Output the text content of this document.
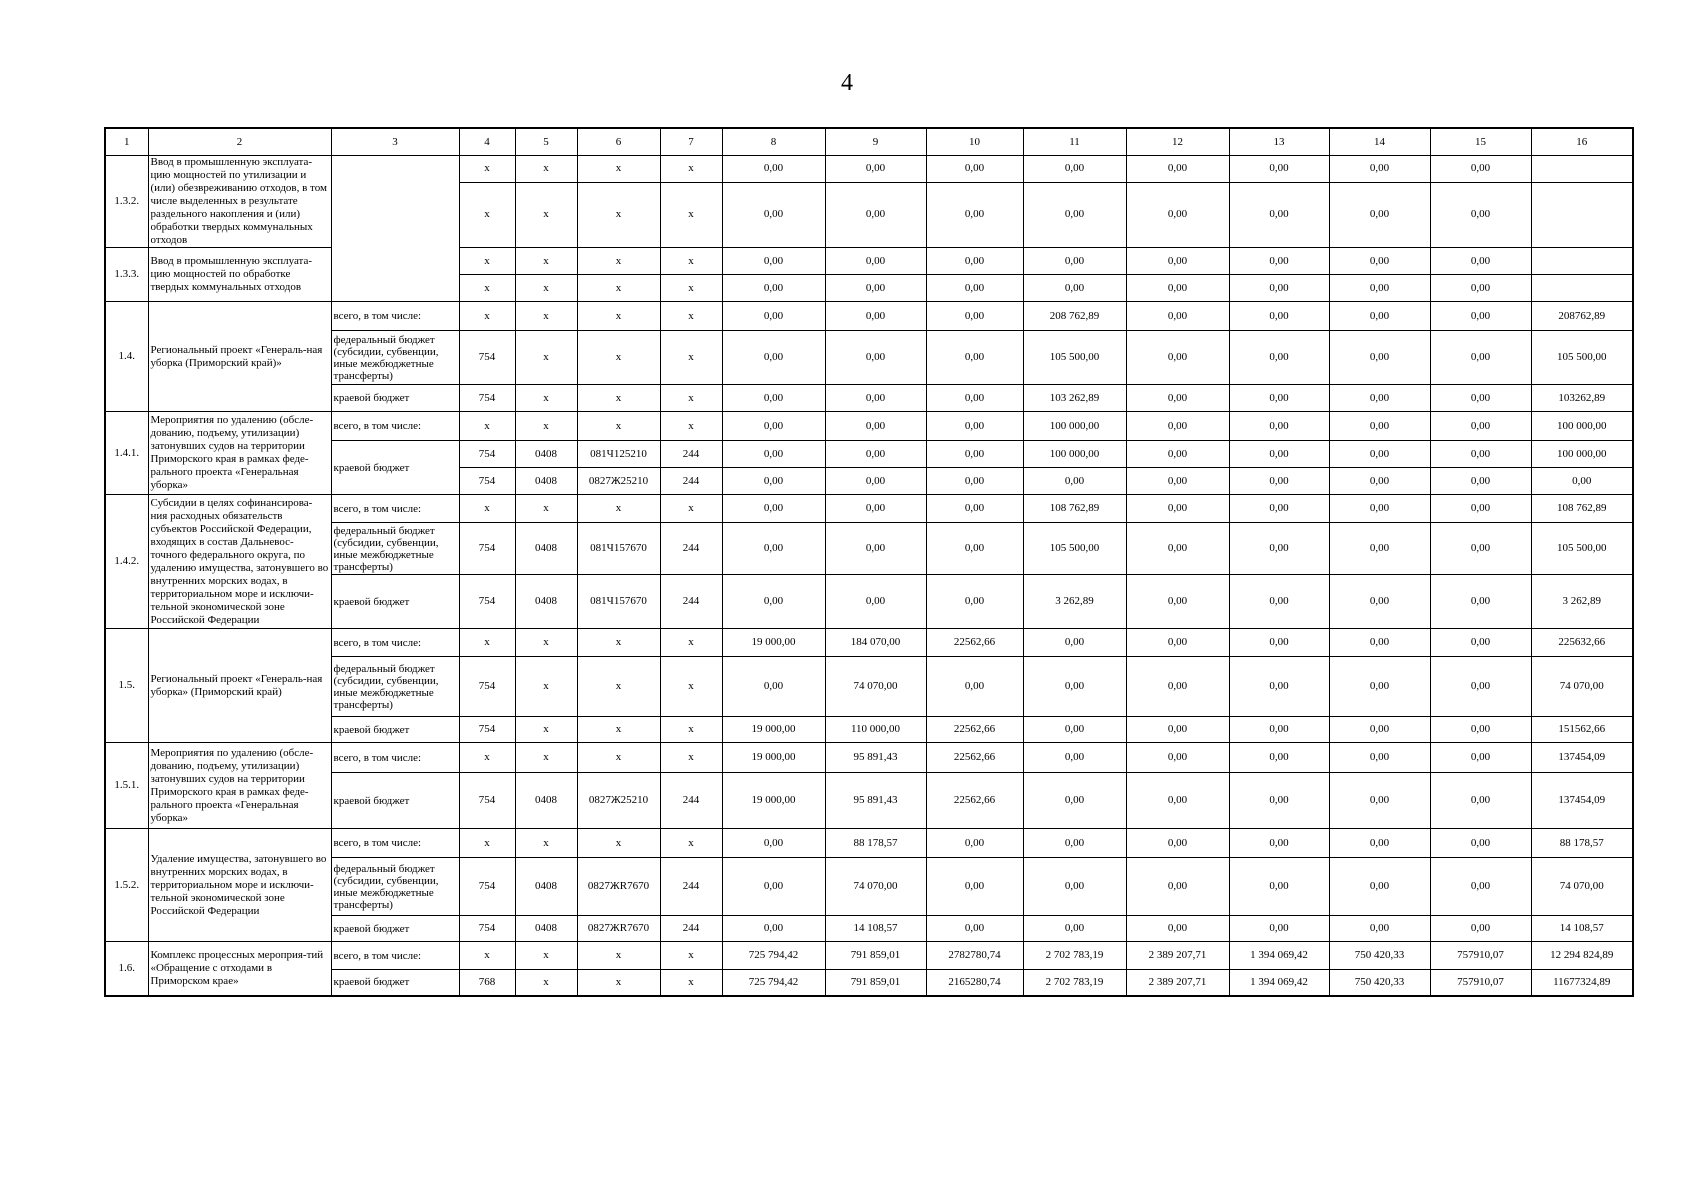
4
1	2	3	4	5	6	7	8	9	10	11	12	13	14	15	16
1.3.2.	Ввод в промышленную эксплуата-цию мощностей по утилизации и (или) обезвреживанию отходов, в том числе выделенных в результате раздельного накопления и (или) обработки твердых коммунальных отходов		x	x	x	x	0,00	0,00	0,00	0,00	0,00	0,00	0,00	0,00	
			x	x	x	x	0,00	0,00	0,00	0,00	0,00	0,00	0,00	0,00	
1.3.3.	Ввод в промышленную эксплуата-цию мощностей по обработке твердых коммунальных отходов		x	x	x	x	0,00	0,00	0,00	0,00	0,00	0,00	0,00	0,00	
			x	x	x	x	0,00	0,00	0,00	0,00	0,00	0,00	0,00	0,00	
1.4.	Региональный проект «Генераль-ная уборка (Приморский край)»	всего, в том числе:	x	x	x	x	0,00	0,00	0,00	208 762,89	0,00	0,00	0,00	0,00	208762,89
		федеральный бюджет (субсидии, субвенции, иные межбюджетные трансферты)	754	x	x	x	0,00	0,00	0,00	105 500,00	0,00	0,00	0,00	0,00	105 500,00
		краевой бюджет	754	x	x	x	0,00	0,00	0,00	103 262,89	0,00	0,00	0,00	0,00	103262,89
1.4.1.	Мероприятия по удалению (обсле-дованию, подъему, утилизации) затонувших судов на территории Приморского края в рамках феде-рального проекта «Генеральная уборка»	всего, в том числе:	x	x	x	x	0,00	0,00	0,00	100 000,00	0,00	0,00	0,00	0,00	100 000,00
		краевой бюджет	754	0408	081Ч125210	244	0,00	0,00	0,00	100 000,00	0,00	0,00	0,00	0,00	100 000,00
			754	0408	0827Ж25210	244	0,00	0,00	0,00	0,00	0,00	0,00	0,00	0,00	0,00
1.4.2.	Субсидии в целях софинансирова-ния расходных обязательств субъектов Российской Федерации, входящих в состав Дальневос-точного федерального округа, по удалению имущества, затонувшего во внутренних морских водах, в территориальном море и исключи-тельной экономической зоне Российской Федерации	всего, в том числе:	x	x	x	x	0,00	0,00	0,00	108 762,89	0,00	0,00	0,00	0,00	108 762,89
		федеральный бюджет (субсидии, субвенции, иные межбюджетные трансферты)	754	0408	081Ч157670	244	0,00	0,00	0,00	105 500,00	0,00	0,00	0,00	0,00	105 500,00
		краевой бюджет	754	0408	081Ч157670	244	0,00	0,00	0,00	3 262,89	0,00	0,00	0,00	0,00	3 262,89
1.5.	Региональный проект «Генераль-ная уборка» (Приморский край)	всего, в том числе:	x	x	x	x	19 000,00	184 070,00	22562,66	0,00	0,00	0,00	0,00	0,00	225632,66
		федеральный бюджет (субсидии, субвенции, иные межбюджетные трансферты)	754	x	x	x	0,00	74 070,00	0,00	0,00	0,00	0,00	0,00	0,00	74 070,00
		краевой бюджет	754	x	x	x	19 000,00	110 000,00	22562,66	0,00	0,00	0,00	0,00	0,00	151562,66
1.5.1.	Мероприятия по удалению (обсле-дованию, подъему, утилизации) затонувших судов на территории Приморского края в рамках феде-рального проекта «Генеральная уборка»	всего, в том числе:	x	x	x	x	19 000,00	95 891,43	22562,66	0,00	0,00	0,00	0,00	0,00	137454,09
		краевой бюджет	754	0408	0827Ж25210	244	19 000,00	95 891,43	22562,66	0,00	0,00	0,00	0,00	0,00	137454,09
1.5.2.	Удаление имущества, затонувшего во внутренних морских водах, в территориальном море и исключи-тельной экономической зоне Российской Федерации	всего, в том числе:	x	x	x	x	0,00	88 178,57	0,00	0,00	0,00	0,00	0,00	0,00	88 178,57
		федеральный бюджет (субсидии, субвенции, иные межбюджетные трансферты)	754	0408	0827ЖR7670	244	0,00	74 070,00	0,00	0,00	0,00	0,00	0,00	0,00	74 070,00
		краевой бюджет	754	0408	0827ЖR7670	244	0,00	14 108,57	0,00	0,00	0,00	0,00	0,00	0,00	14 108,57
1.6.	Комплекс процессных мероприя-тий «Обращение с отходами в Приморском крае»	всего, в том числе:	x	x	x	x	725 794,42	791 859,01	2782780,74	2 702 783,19	2 389 207,71	1 394 069,42	750 420,33	757910,07	12 294 824,89
		краевой бюджет	768	x	x	x	725 794,42	791 859,01	2165280,74	2 702 783,19	2 389 207,71	1 394 069,42	750 420,33	757910,07	11677324,89
